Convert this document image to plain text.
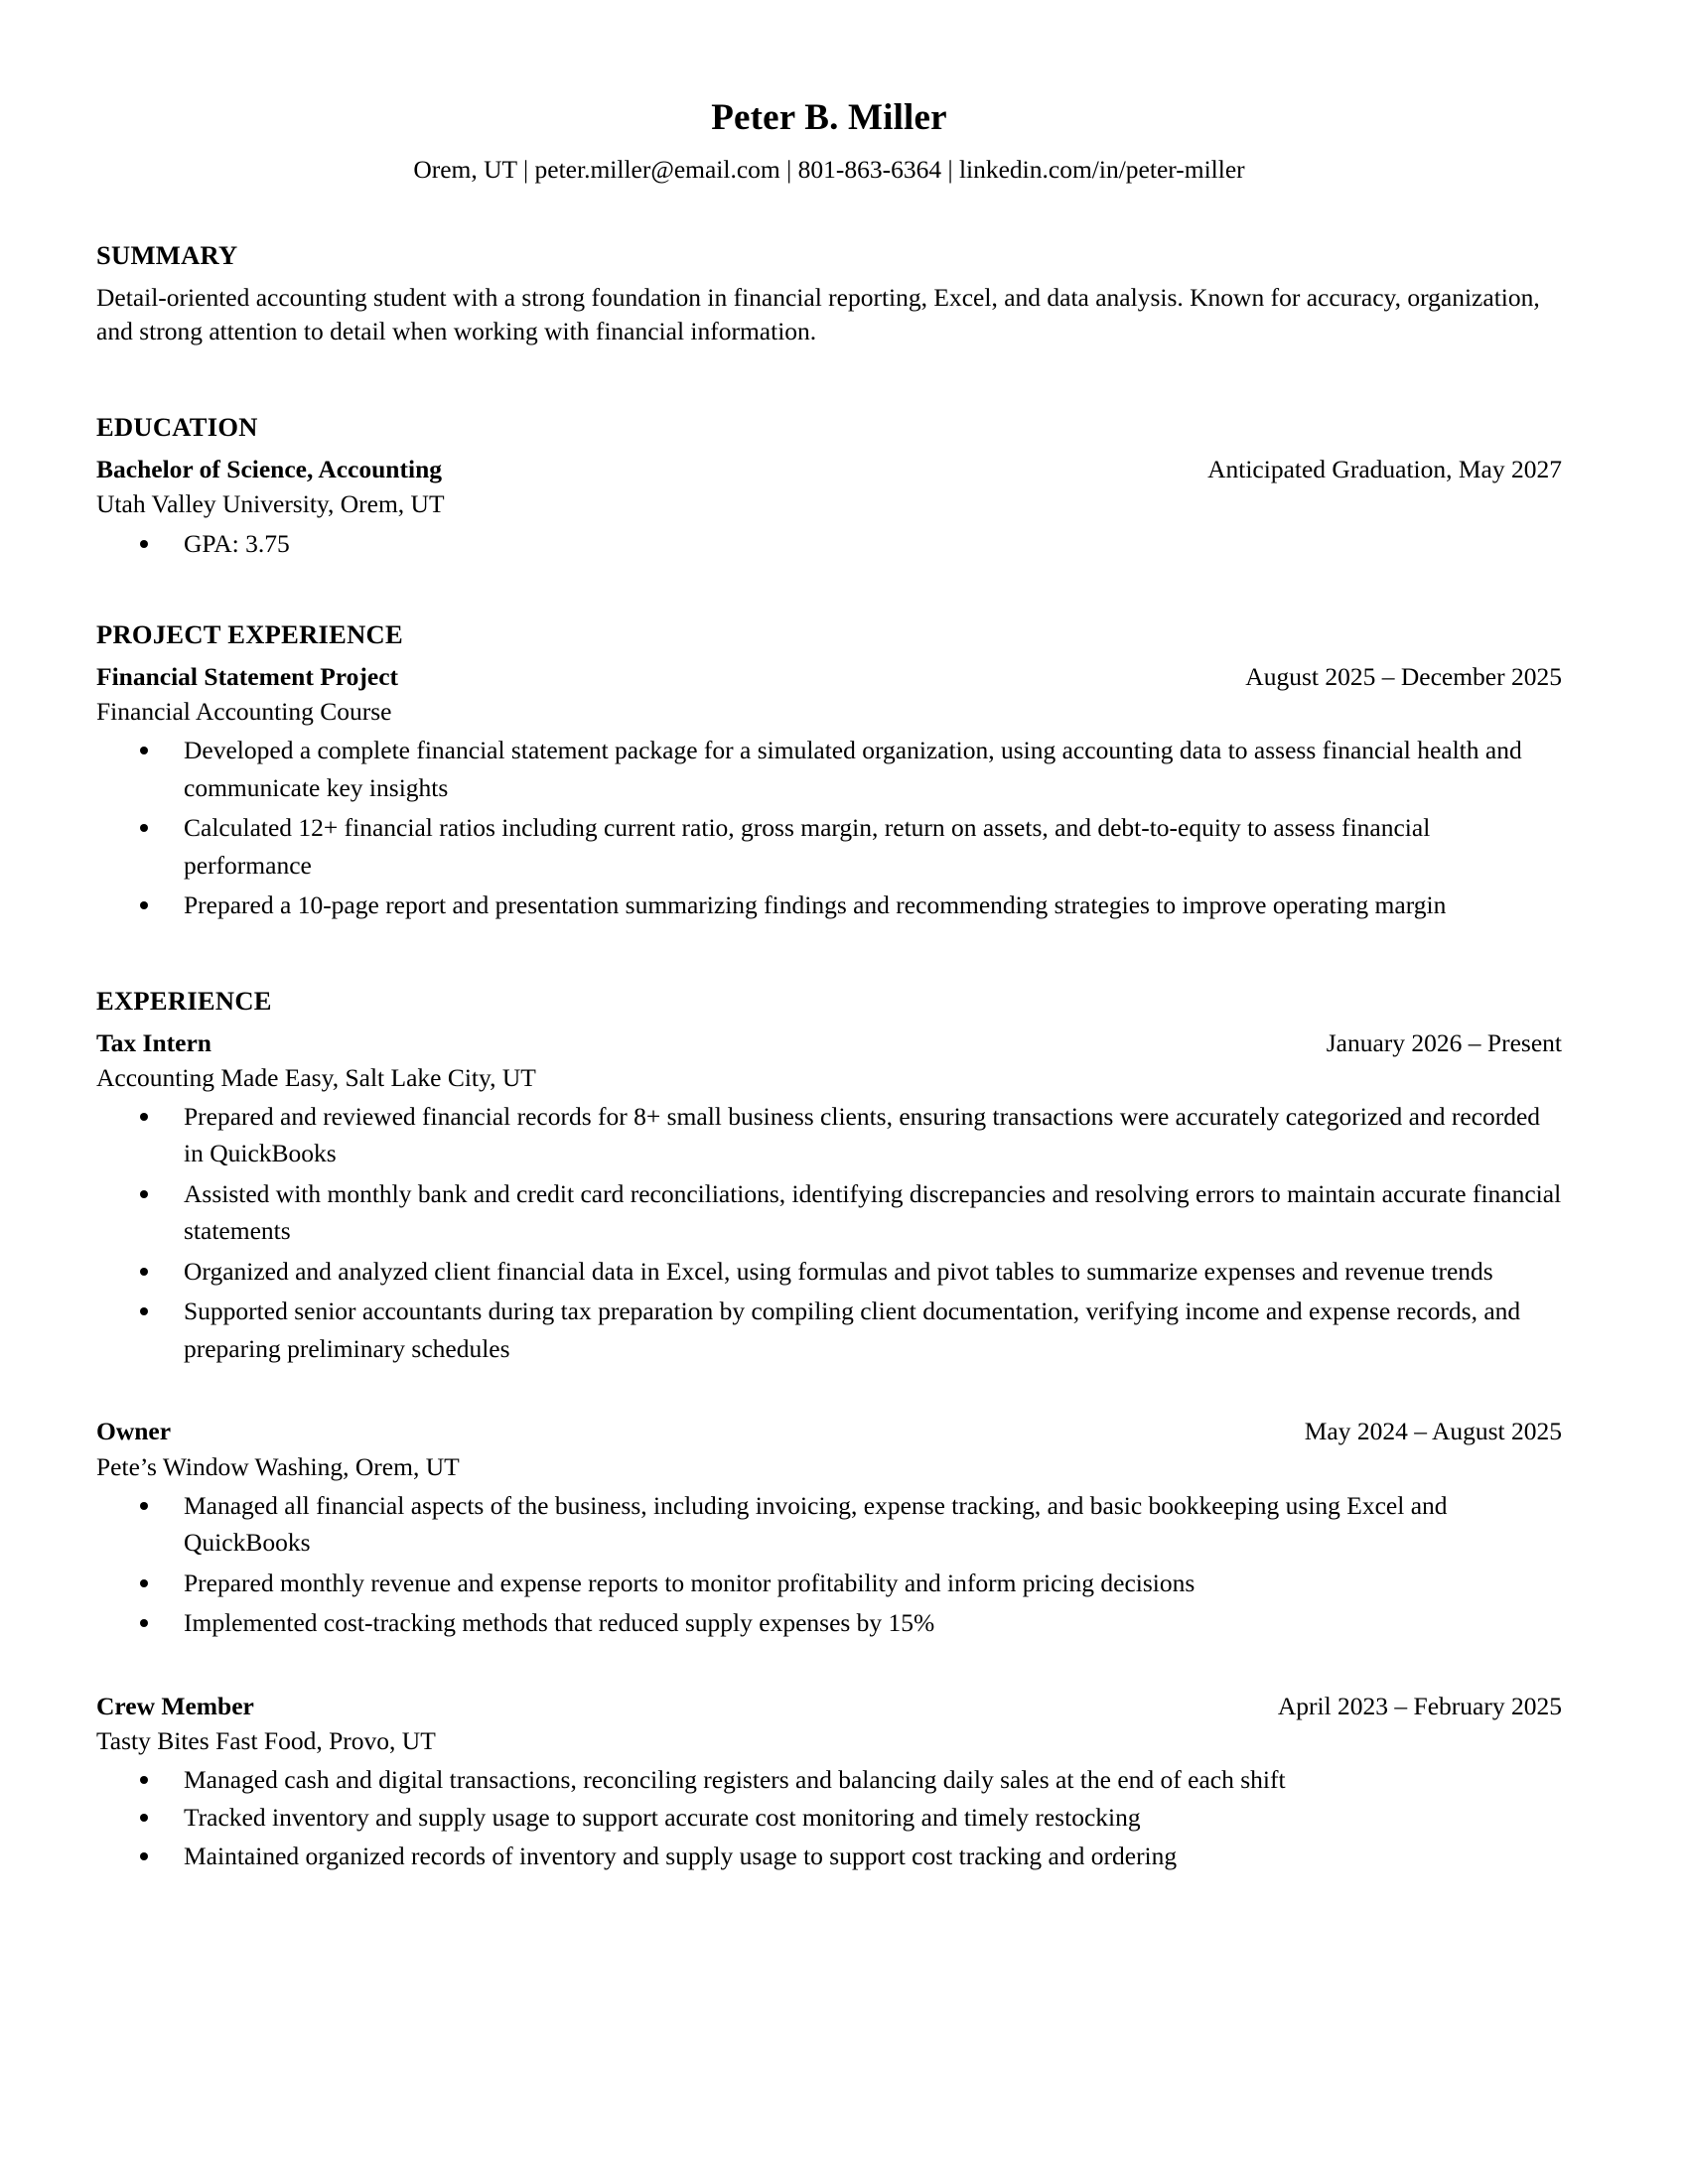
Peter B. Miller
Orem, UT | peter.miller@email.com | 801-863-6364 | linkedin.com/in/peter-miller
SUMMARY
Detail-oriented accounting student with a strong foundation in financial reporting, Excel, and data analysis. Known for accuracy, organization, and strong attention to detail when working with financial information.
EDUCATION
Bachelor of Science, Accounting	Anticipated Graduation, May 2027
Utah Valley University, Orem, UT
GPA: 3.75
PROJECT EXPERIENCE
Financial Statement Project	August 2025 – December 2025
Financial Accounting Course
Developed a complete financial statement package for a simulated organization, using accounting data to assess financial health and communicate key insights
Calculated 12+ financial ratios including current ratio, gross margin, return on assets, and debt-to-equity to assess financial performance
Prepared a 10-page report and presentation summarizing findings and recommending strategies to improve operating margin
EXPERIENCE
Tax Intern	January 2026 – Present
Accounting Made Easy, Salt Lake City, UT
Prepared and reviewed financial records for 8+ small business clients, ensuring transactions were accurately categorized and recorded in QuickBooks
Assisted with monthly bank and credit card reconciliations, identifying discrepancies and resolving errors to maintain accurate financial statements
Organized and analyzed client financial data in Excel, using formulas and pivot tables to summarize expenses and revenue trends
Supported senior accountants during tax preparation by compiling client documentation, verifying income and expense records, and preparing preliminary schedules
Owner	May 2024 – August 2025
Pete’s Window Washing, Orem, UT
Managed all financial aspects of the business, including invoicing, expense tracking, and basic bookkeeping using Excel and QuickBooks
Prepared monthly revenue and expense reports to monitor profitability and inform pricing decisions
Implemented cost-tracking methods that reduced supply expenses by 15%
Crew Member	April 2023 – February 2025
Tasty Bites Fast Food, Provo, UT
Managed cash and digital transactions, reconciling registers and balancing daily sales at the end of each shift
Tracked inventory and supply usage to support accurate cost monitoring and timely restocking
Maintained organized records of inventory and supply usage to support cost tracking and ordering
